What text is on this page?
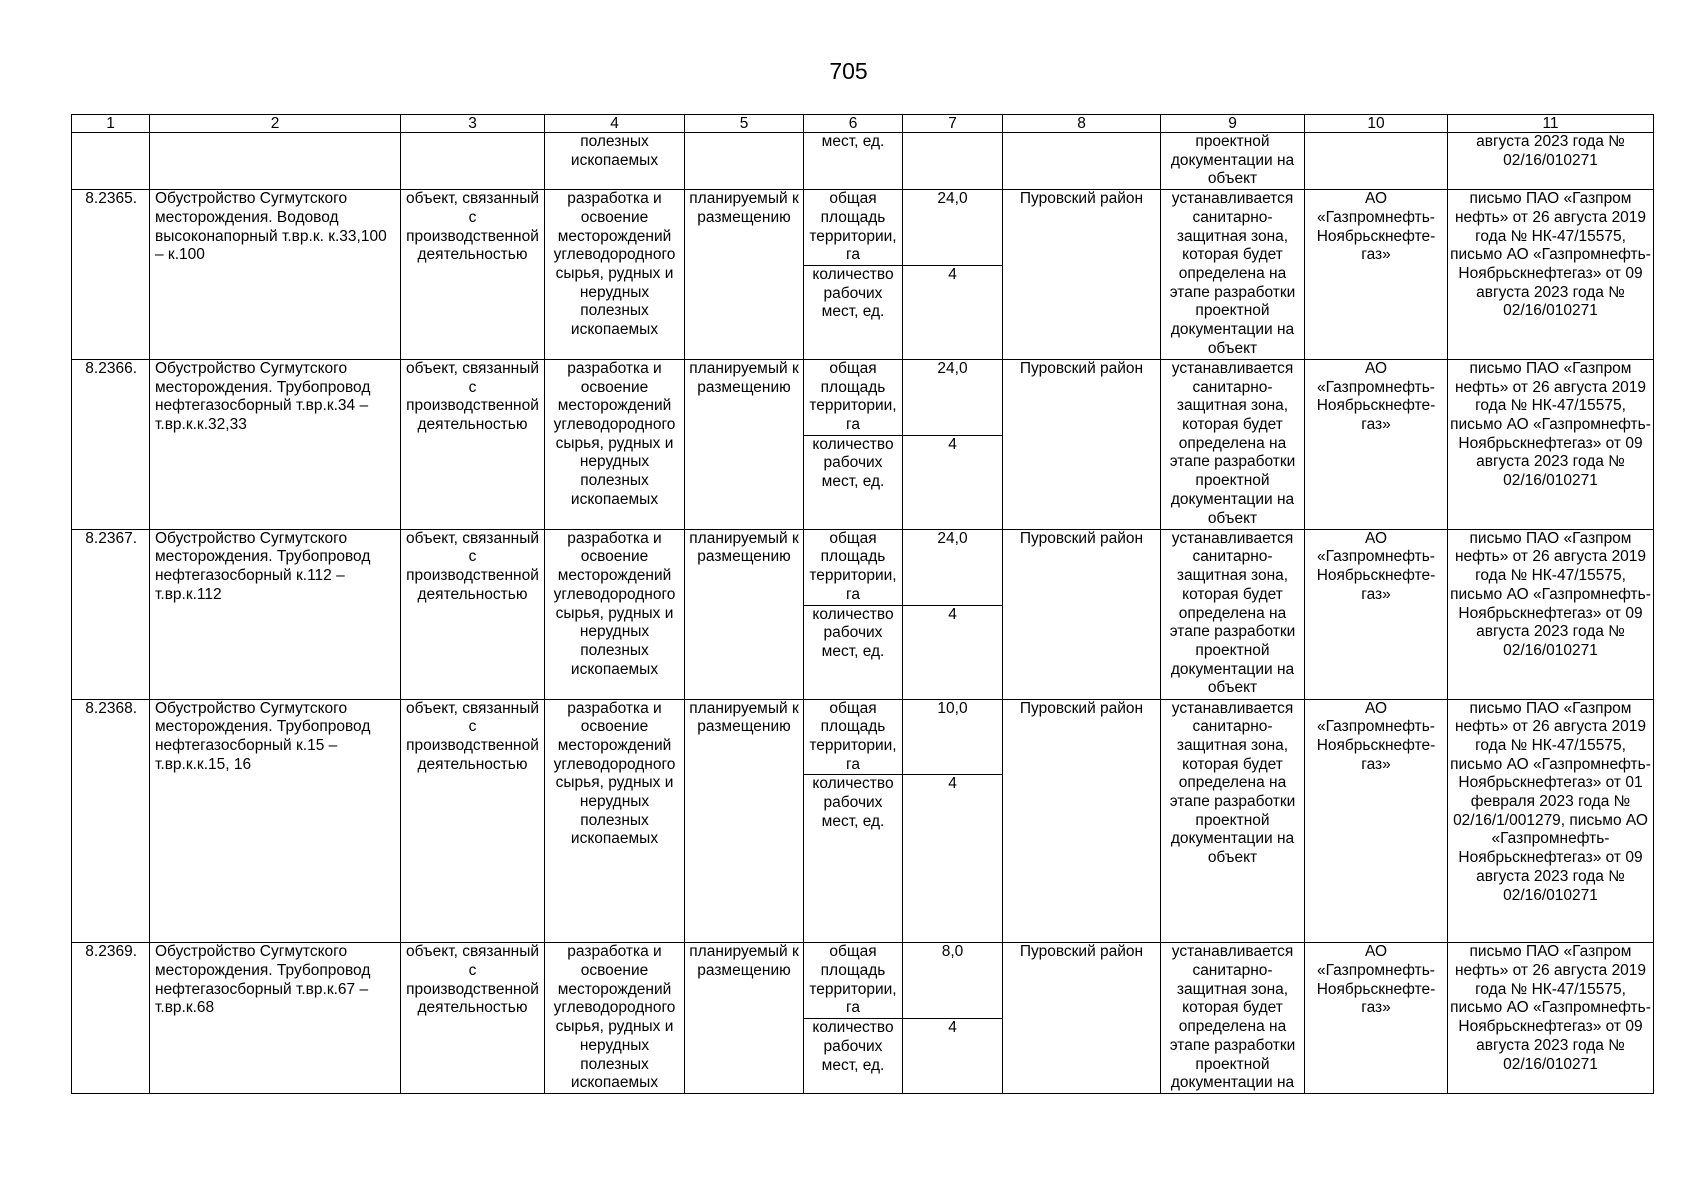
705
1	2	3	4	5	6	7	8	9	10	11
			полезных ископаемых		мест, ед.			проектной документации на объект		августа 2023 года № 02/16/010271
8.2365.	Обустройство Сугмутского месторождения. Водовод высоконапорный т.вр.к. к.33,100 – к.100	объект, связанный с производственной деятельностью	разработка и освоение месторождений углеводородного сырья, рудных и нерудных полезных ископаемых	планируемый к размещению	общая площадь территории, га	24,0	Пуровский район	устанавливается санитарно-защитная зона, которая будет определена на этапе разработки проектной документации на объект	АО «Газпромнефть-Ноябрьскнефте-газ»	письмо ПАО «Газпром нефть» от 26 августа 2019 года № НК-47/15575, письмо АО «Газпромнефть-Ноябрьскнефтегаз» от 09 августа 2023 года № 02/16/010271
					количество рабочих мест, ед.	4				
8.2366.	Обустройство Сугмутского месторождения. Трубопровод нефтегазосборный т.вр.к.34 – т.вр.к.к.32,33	объект, связанный с производственной деятельностью	разработка и освоение месторождений углеводородного сырья, рудных и нерудных полезных ископаемых	планируемый к размещению	общая площадь территории, га	24,0	Пуровский район	устанавливается санитарно-защитная зона, которая будет определена на этапе разработки проектной документации на объект	АО «Газпромнефть-Ноябрьскнефте-газ»	письмо ПАО «Газпром нефть» от 26 августа 2019 года № НК-47/15575, письмо АО «Газпромнефть-Ноябрьскнефтегаз» от 09 августа 2023 года № 02/16/010271
					количество рабочих мест, ед.	4				
8.2367.	Обустройство Сугмутского месторождения. Трубопровод нефтегазосборный к.112 – т.вр.к.112	объект, связанный с производственной деятельностью	разработка и освоение месторождений углеводородного сырья, рудных и нерудных полезных ископаемых	планируемый к размещению	общая площадь территории, га	24,0	Пуровский район	устанавливается санитарно-защитная зона, которая будет определена на этапе разработки проектной документации на объект	АО «Газпромнефть-Ноябрьскнефте-газ»	письмо ПАО «Газпром нефть» от 26 августа 2019 года № НК-47/15575, письмо АО «Газпромнефть-Ноябрьскнефтегаз» от 09 августа 2023 года № 02/16/010271
					количество рабочих мест, ед.	4				
8.2368.	Обустройство Сугмутского месторождения. Трубопровод нефтегазосборный к.15 – т.вр.к.к.15, 16	объект, связанный с производственной деятельностью	разработка и освоение месторождений углеводородного сырья, рудных и нерудных полезных ископаемых	планируемый к размещению	общая площадь территории, га	10,0	Пуровский район	устанавливается санитарно-защитная зона, которая будет определена на этапе разработки проектной документации на объект	АО «Газпромнефть-Ноябрьскнефте-газ»	письмо ПАО «Газпром нефть» от 26 августа 2019 года № НК-47/15575, письмо АО «Газпромнефть-Ноябрьскнефтегаз» от 01 февраля 2023 года № 02/16/1/001279, письмо АО «Газпромнефть-Ноябрьскнефтегаз» от 09 августа 2023 года № 02/16/010271
					количество рабочих мест, ед.	4				
8.2369.	Обустройство Сугмутского месторождения. Трубопровод нефтегазосборный т.вр.к.67 – т.вр.к.68	объект, связанный с производственной деятельностью	разработка и освоение месторождений углеводородного сырья, рудных и нерудных полезных ископаемых	планируемый к размещению	общая площадь территории, га	8,0	Пуровский район	устанавливается санитарно-защитная зона, которая будет определена на этапе разработки проектной документации на	АО «Газпромнефть-Ноябрьскнефте-газ»	письмо ПАО «Газпром нефть» от 26 августа 2019 года № НК-47/15575, письмо АО «Газпромнефть-Ноябрьскнефтегаз» от 09 августа 2023 года № 02/16/010271
					количество рабочих мест, ед.	4				
